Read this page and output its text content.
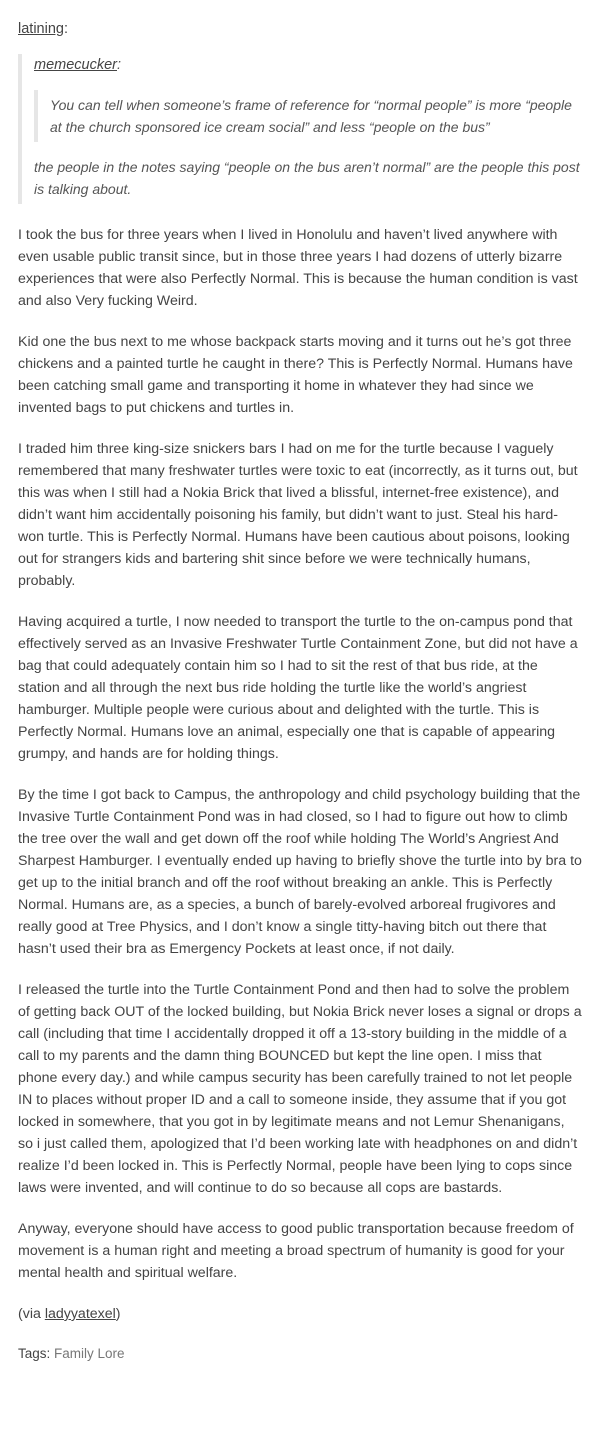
latining:
memecucker:

You can tell when someone’s frame of reference for “normal people” is more “people at the church sponsored ice cream social” and less “people on the bus”

the people in the notes saying “people on the bus aren’t normal” are the people this post is talking about.

I took the bus for three years when I lived in Honolulu and haven’t lived anywhere with even usable public transit since, but in those three years I had dozens of utterly bizarre experiences that were also Perfectly Normal. This is because the human condition is vast and also Very fucking Weird.

Kid one the bus next to me whose backpack starts moving and it turns out he’s got three chickens and a painted turtle he caught in there? This is Perfectly Normal. Humans have been catching small game and transporting it home in whatever they had since we invented bags to put chickens and turtles in.

I traded him three king-size snickers bars I had on me for the turtle because I vaguely remembered that many freshwater turtles were toxic to eat (incorrectly, as it turns out, but this was when I still had a Nokia Brick that lived a blissful, internet-free existence), and didn’t want him accidentally poisoning his family, but didn’t want to just. Steal his hard-won turtle. This is Perfectly Normal. Humans have been cautious about poisons, looking out for strangers kids and bartering shit since before we were technically humans, probably.

Having acquired a turtle, I now needed to transport the turtle to the on-campus pond that effectively served as an Invasive Freshwater Turtle Containment Zone, but did not have a bag that could adequately contain him so I had to sit the rest of that bus ride, at the station and all through the next bus ride holding the turtle like the world’s angriest hamburger. Multiple people were curious about and delighted with the turtle. This is Perfectly Normal. Humans love an animal, especially one that is capable of appearing grumpy, and hands are for holding things.

By the time I got back to Campus, the anthropology and child psychology building that the Invasive Turtle Containment Pond was in had closed, so I had to figure out how to climb the tree over the wall and get down off the roof while holding The World’s Angriest And Sharpest Hamburger. I eventually ended up having to briefly shove the turtle into by bra to get up to the initial branch and off the roof without breaking an ankle. This is Perfectly Normal. Humans are, as a species, a bunch of barely-evolved arboreal frugivores and really good at Tree Physics, and I don’t know a single titty-having bitch out there that hasn’t used their bra as Emergency Pockets at least once, if not daily.

I released the turtle into the Turtle Containment Pond and then had to solve the problem of getting back OUT of the locked building, but Nokia Brick never loses a signal or drops a call (including that time I accidentally dropped it off a 13-story building in the middle of a call to my parents and the damn thing BOUNCED but kept the line open. I miss that phone every day.) and while campus security has been carefully trained to not let people IN to places without proper ID and a call to someone inside, they assume that if you got locked in somewhere, that you got in by legitimate means and not Lemur Shenanigans, so i just called them, apologized that I’d been working late with headphones on and didn’t realize I’d been locked in. This is Perfectly Normal, people have been lying to cops since laws were invented, and will continue to do so because all cops are bastards.

Anyway, everyone should have access to good public transportation because freedom of movement is a human right and meeting a broad spectrum of humanity is good for your mental health and spiritual welfare.

(via ladyyatexel)
Tags: Family Lore
